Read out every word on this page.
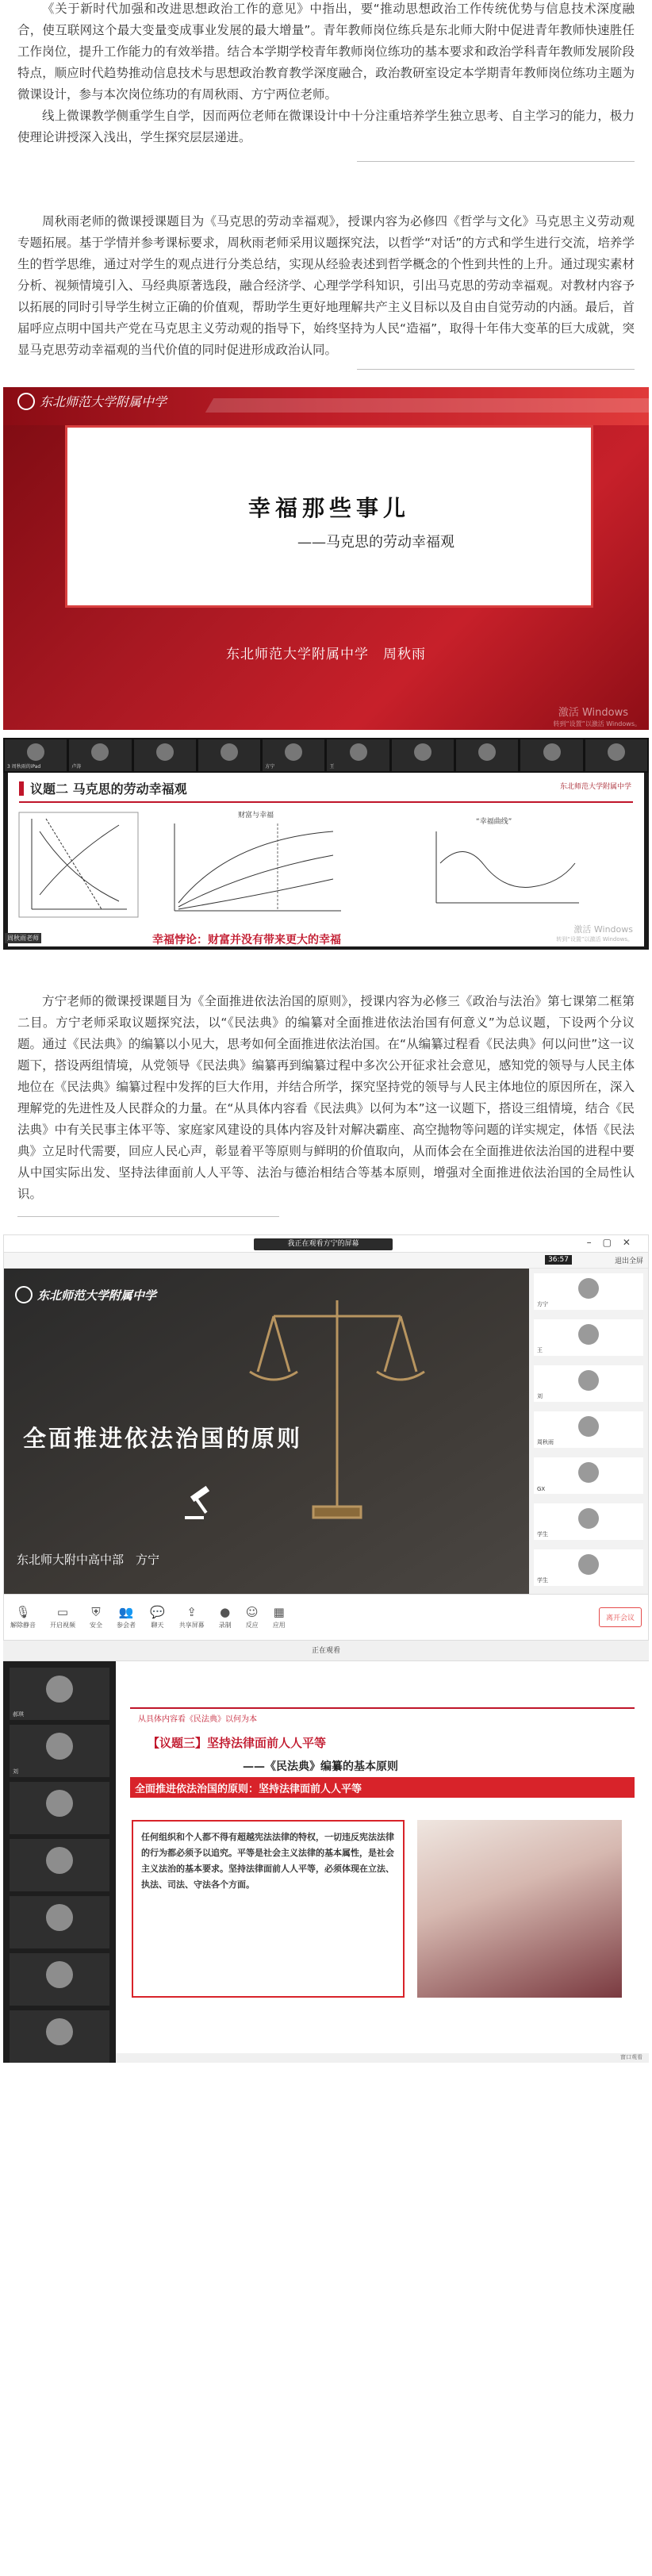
《关于新时代加强和改进思想政治工作的意见》中指出，要“推动思想政治工作传统优势与信息技术深度融合，使互联网这个最大变量变成事业发展的最大增量”。青年教师岗位练兵是东北师大附中促进青年教师快速胜任工作岗位，提升工作能力的有效举措。结合本学期学校青年教师岗位练功的基本要求和政治学科青年教师发展阶段特点，顺应时代趋势推动信息技术与思想政治教育教学深度融合，政治教研室设定本学期青年教师岗位练功主题为微课设计，参与本次岗位练功的有周秋雨、方宁两位老师。

线上微课教学侧重学生自学，因而两位老师在微课设计中十分注重培养学生独立思考、自主学习的能力，极力使理论讲授深入浅出，学生探究层层递进。

周秋雨老师的微课授课题目为《马克思的劳动幸福观》，授课内容为必修四《哲学与文化》马克思主义劳动观专题拓展。基于学情并参考课标要求，周秋雨老师采用议题探究法，以哲学“对话”的方式和学生进行交流，培养学生的哲学思维，通过对学生的观点进行分类总结，实现从经验表述到哲学概念的个性到共性的上升。通过现实素材分析、视频情境引入、马经典原著选段，融合经济学、心理学学科知识，引出马克思的劳动幸福观。对教材内容予以拓展的同时引导学生树立正确的价值观，帮助学生更好地理解共产主义目标以及自由自觉劳动的内涵。最后，首届呼应点明中国共产党在马克思主义劳动观的指导下，始终坚持为人民“造福”，取得十年伟大变革的巨大成就，突显马克思劳动幸福观的当代价值的同时促进形成政治认同。

东北师范大学附属中学
幸福那些事儿
——马克思的劳动幸福观
东北师范大学附属中学　周秋雨
激活 Windows
转到“设置”以激活 Windows。
3 周秋雨的iPad	卢涛	方宁	王
议题二 马克思的劳动幸福观	东北师范大学附属中学
财富与幸福
“幸福曲线”
幸福悖论：财富并没有带来更大的幸福
激活 Windows
转到“设置”以激活 Windows。
周秋雨老师

方宁老师的微课授课题目为《全面推进依法治国的原则》，授课内容为必修三《政治与法治》第七课第二框第二目。方宁老师采取议题探究法，以“《民法典》的编纂对全面推进依法治国有何意义”为总议题，下设两个分议题。通过《民法典》的编纂以小见大，思考如何全面推进依法治国。在“从编纂过程看《民法典》何以问世”这一议题下，搭设两组情境，从党领导《民法典》编纂再到编纂过程中多次公开征求社会意见，感知党的领导与人民主体地位在《民法典》编纂过程中发挥的巨大作用，并结合所学，探究坚持党的领导与人民主体地位的原因所在，深入理解党的先进性及人民群众的力量。在“从具体内容看《民法典》以何为本”这一议题下，搭设三组情境，结合《民法典》中有关民事主体平等、家庭家风建设的具体内容及针对解决霸座、高空抛物等问题的详实规定，体悟《民法典》立足时代需要，回应人民心声，彰显着平等原则与鲜明的价值取向，从而体会在全面推进依法治国的进程中要从中国实际出发、坚持法律面前人人平等、法治与德治相结合等基本原则，增强对全面推进依法治国的全局性认识。

我正在观看方宁的屏幕	–▢✕
36:57	退出全屏
东北师范大学附属中学
全面推进依法治国的原则
东北师大附中高中部　方宁
方宁
王
刘
周秋雨
GX
学生
学生
🎙
解除静音
▭
开启视频
⛨
安全
👥
参会者
💬
聊天
⇪
共享屏幕
●
录制
☺
反应
▦
应用
离开会议
正在观看
郝琪
刘
从具体内容看《民法典》以何为本
【议题三】坚持法律面前人人平等
——《民法典》编纂的基本原则
全面推进依法治国的原则：坚持法律面前人人平等

任何组织和个人都不得有超越宪法法律的特权，一切违反宪法法律的行为都必须予以追究。平等是社会主义法律的基本属性，是社会主义法治的基本要求。坚持法律面前人人平等，必须体现在立法、执法、司法、守法各个方面。

窗口观看
